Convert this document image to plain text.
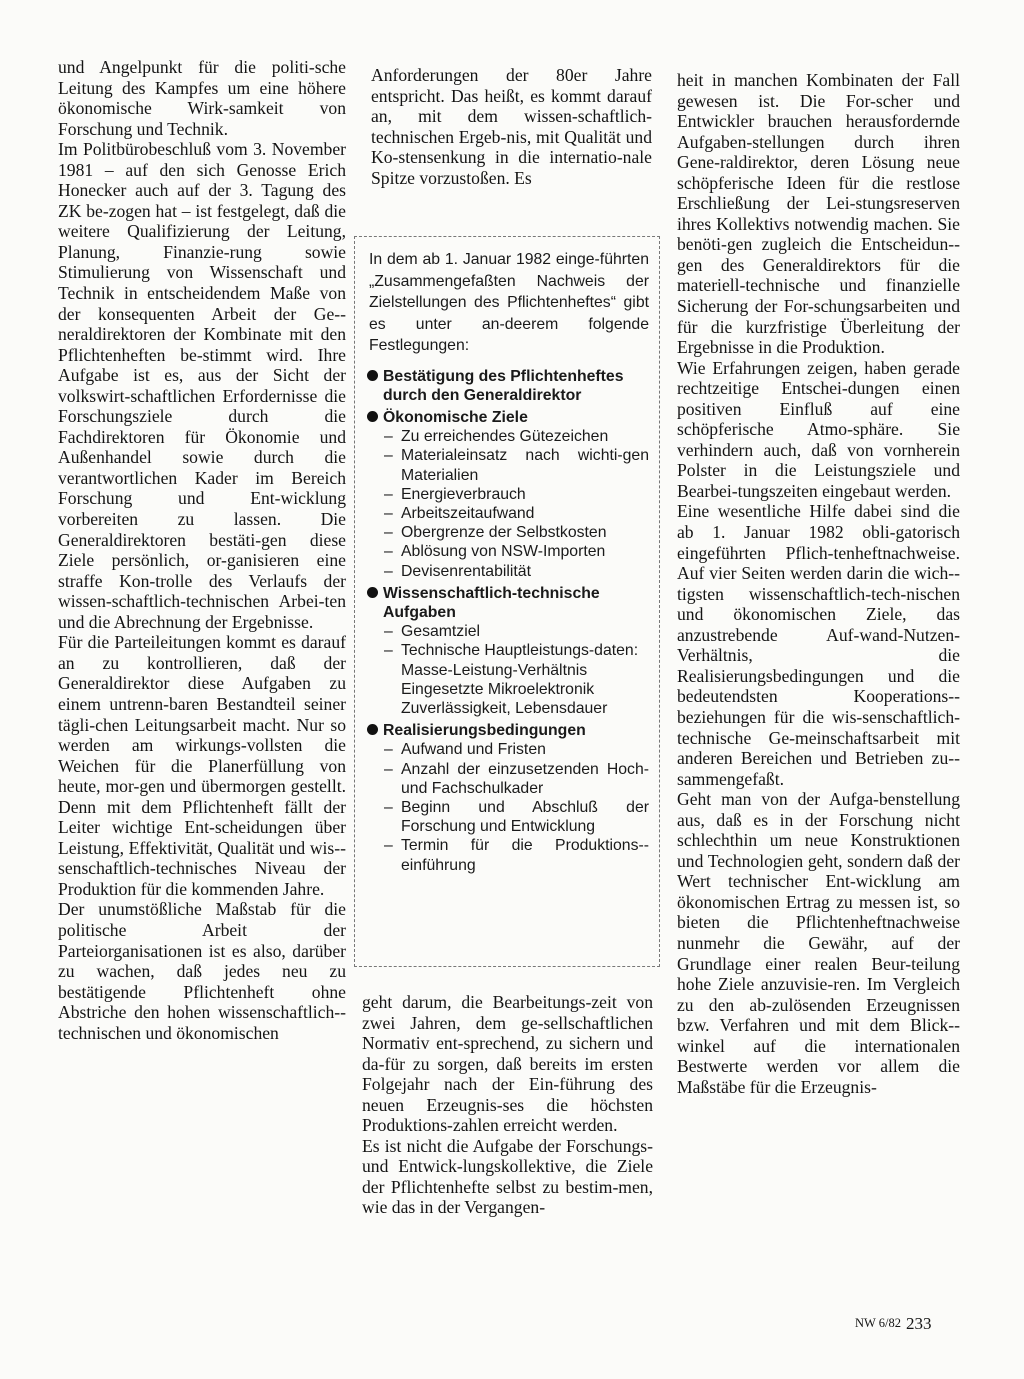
und Angelpunkt für die politi-sche Leitung des Kampfes um eine höhere ökonomische Wirk-samkeit von Forschung und Technik.

Im Politbürobeschluß vom 3. November 1981 – auf den sich Genosse Erich Honecker auch auf der 3. Tagung des ZK be-zogen hat – ist festgelegt, daß die weitere Qualifizierung der Leitung, Planung, Finanzie-rung sowie Stimulierung von Wissenschaft und Technik in entscheidendem Maße von der konsequenten Arbeit der Ge-neraldirektoren der Kombinate mit den Pflichtenheften be-stimmt wird. Ihre Aufgabe ist es, aus der Sicht der volkswirt-schaftlichen Erfordernisse die Forschungsziele durch die Fachdirektoren für Ökonomie und Außenhandel sowie durch die verantwortlichen Kader im Bereich Forschung und Ent-wicklung vorbereiten zu lassen. Die Generaldirektoren bestäti-gen diese Ziele persönlich, or-ganisieren eine straffe Kon-trolle des Verlaufs der wissen-schaftlich-technischen Arbei-ten und die Abrechnung der Ergebnisse.

Für die Parteileitungen kommt es darauf an zu kontrollieren, daß der Generaldirektor diese Aufgaben zu einem untrenn-baren Bestandteil seiner tägli-chen Leitungsarbeit macht. Nur so werden am wirkungs-vollsten die Weichen für die Planerfüllung von heute, mor-gen und übermorgen gestellt. Denn mit dem Pflichtenheft fällt der Leiter wichtige Ent-scheidungen über Leistung, Effektivität, Qualität und wis-senschaftlich-technisches Niveau der Produktion für die kommenden Jahre.

Der unumstößliche Maßstab für die politische Arbeit der Parteiorganisationen ist es also, darüber zu wachen, daß jedes neu zu bestätigende Pflichtenheft ohne Abstriche den hohen wissenschaftlich-technischen und ökonomischen

Anforderungen der 80er Jahre entspricht. Das heißt, es kommt darauf an, mit dem wissen-schaftlich-technischen Ergeb-nis, mit Qualität und Ko-stensenkung in die internatio-nale Spitze vorzustoßen. Es

In dem ab 1. Januar 1982 einge-führten „Zusammengefaßten Nachweis der Zielstellungen des Pflichtenheftes“ gibt es unter an-deerem folgende Festlegungen:

Bestätigung des Pflichtenheftes durch den Generaldirektor
Ökonomische Ziele
– Zu erreichendes Gütezeichen
– Materialeinsatz nach wichti-gen Materialien
– Energieverbrauch
– Arbeitszeitaufwand
– Obergrenze der Selbstkosten
– Ablösung von NSW-Importen
– Devisenrentabilität
Wissenschaftlich-technische Aufgaben
– Gesamtziel
– Technische Hauptleistungs-daten:
Masse-Leistung-Verhältnis
Eingesetzte Mikroelektronik
Zuverlässigkeit, Lebensdauer
Realisierungsbedingungen
– Aufwand und Fristen
– Anzahl der einzusetzenden Hoch- und Fachschulkader
– Beginn und Abschluß der Forschung und Entwicklung
– Termin für die Produktions-einführung

geht darum, die Bearbeitungs-zeit von zwei Jahren, dem ge-sellschaftlichen Normativ ent-sprechend, zu sichern und da-für zu sorgen, daß bereits im ersten Folgejahr nach der Ein-führung des neuen Erzeugnis-ses die höchsten Produktions-zahlen erreicht werden.

Es ist nicht die Aufgabe der Forschungs- und Entwick-lungskollektive, die Ziele der Pflichtenhefte selbst zu bestim-men, wie das in der Vergangen-

heit in manchen Kombinaten der Fall gewesen ist. Die For-scher und Entwickler brauchen herausfordernde Aufgaben-stellungen durch ihren Gene-raldirektor, deren Lösung neue schöpferische Ideen für die restlose Erschließung der Lei-stungsreserven ihres Kollektivs notwendig machen. Sie benöti-gen zugleich die Entscheidun-gen des Generaldirektors für die materiell-technische und finanzielle Sicherung der For-schungsarbeiten und für die kurzfristige Überleitung der Ergebnisse in die Produktion.

Wie Erfahrungen zeigen, haben gerade rechtzeitige Entschei-dungen einen positiven Einfluß auf eine schöpferische Atmo-sphäre. Sie verhindern auch, daß von vornherein Polster in die Leistungsziele und Bearbei-tungszeiten eingebaut werden.

Eine wesentliche Hilfe dabei sind die ab 1. Januar 1982 obli-gatorisch eingeführten Pflich-tenheftnachweise. Auf vier Seiten werden darin die wich-tigsten wissenschaftlich-tech-nischen und ökonomischen Ziele, das anzustrebende Auf-wand-Nutzen-Verhältnis, die Realisierungsbedingungen und die bedeutendsten Kooperations-beziehungen für die wis-senschaftlich-technische Ge-meinschaftsarbeit mit anderen Bereichen und Betrieben zu-sammengefaßt.

Geht man von der Aufga-benstellung aus, daß es in der Forschung nicht schlechthin um neue Konstruktionen und Technologien geht, sondern daß der Wert technischer Ent-wicklung am ökonomischen Ertrag zu messen ist, so bieten die Pflichtenheftnachweise nunmehr die Gewähr, auf der Grundlage einer realen Beur-teilung hohe Ziele anzuvisie-ren. Im Vergleich zu den ab-zulösenden Erzeugnissen bzw. Verfahren und mit dem Blick-winkel auf die internationalen Bestwerte werden vor allem die Maßstäbe für die Erzeugnis-

NW 6/82 233
